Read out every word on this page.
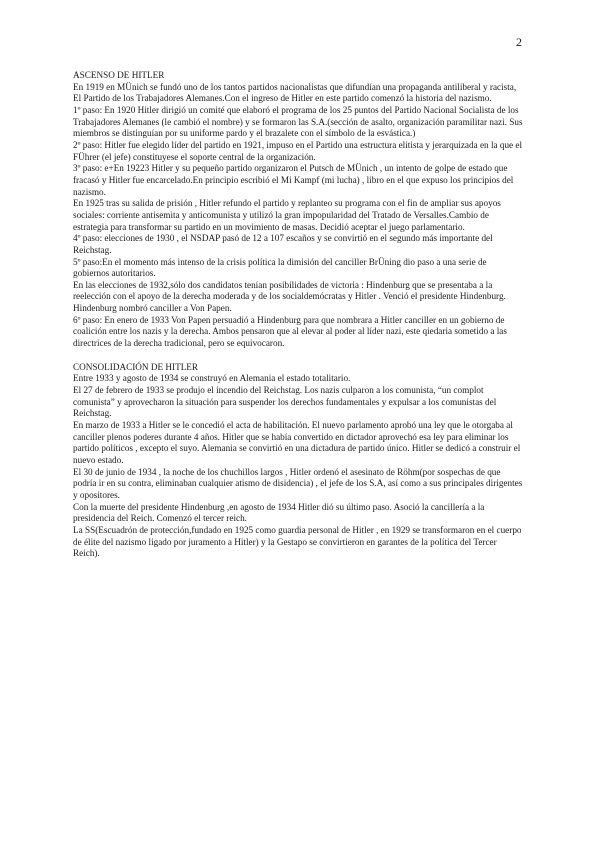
2
ASCENSO DE HITLER

En 1919 en MÜnich se fundó uno de los tantos partidos nacionalistas que difundían una propaganda antiliberal y racista, El Partido de los Trabajadores Alemanes.Con el ingreso de Hitler en este partido comenzó la historia del nazismo.

1º paso: En 1920 Hitler dirigió un comité que elaboró el programa de los 25 puntos del Partido Nacional Socialista de los Trabajadores Alemanes (le cambió el nombre) y se formaron las S.A.(sección de asalto, organización paramilitar nazi. Sus miembros se distinguían por su uniforme pardo y el brazalete con el símbolo de la esvástica.)

2º paso: Hitler fue elegido líder del partido en 1921, impuso en el Partido una estructura elitista y jerarquizada en la que el FÜhrer (el jefe) constituyese el soporte central de la organización.

3º paso: e+En 19223 Hitler y su pequeño partido organizaron el Putsch de MÜnich , un intento de golpe de estado que fracasó y Hitler fue encarcelado.En principio escribió el Mi Kampf (mi lucha) , libro en el que expuso los principios del nazismo.

En 1925 tras su salida de prisión , Hitler refundo el partido y replanteo su programa con el fin de ampliar sus apoyos sociales: corriente antisemita y anticomunista y utilizó la gran impopularidad del Tratado de Versalles.Cambio de estrategia para transformar su partido en un movimiento de masas. Decidió aceptar el juego parlamentario.

4º paso: elecciones de 1930 , el NSDAP pasó de 12 a 107 escaños y se convirtió en el segundo más importante del Reichstag.

5º paso:En el momento más intenso de la crisis política la dimisión del canciller BrÜning dio paso a una serie de gobiernos autoritarios.

En las elecciones de 1932,sólo dos candidatos tenían posibilidades de victoria : Hindenburg que se presentaba a la reelección con el apoyo de la derecha moderada y de los socialdemócratas y Hitler . Venció el presidente Hindenburg.

Hindenburg nombró canciller a Von Papen.

6º paso: En enero de 1933 Von Papen persuadió a Hindenburg para que nombrara a Hitler canciller en un gobierno de coalición entre los nazis y la derecha. Ambos pensaron que al elevar al poder al líder nazi, este qiedaria sometido a las directrices de la derecha tradicional, pero se equivocaron.

CONSOLIDACIÓN DE HITLER

Entre 1933 y agosto de 1934 se construyó en Alemania el estado totalitario.

El 27 de febrero de 1933 se produjo el incendio del Reichstag. Los nazis culparon a los comunista, “un complot comunista” y aprovecharon la situación para suspender los derechos fundamentales y expulsar a los comunistas del Reichstag.

En marzo de 1933 a Hitler se le concedió el acta de habilitación. El nuevo parlamento aprobó una ley que le otorgaba al canciller plenos poderes durante 4 años. Hitler que se había convertido en dictador aprovechó esa ley para eliminar los partido políticos , excepto el suyo. Alemania se convirtió en una dictadura de partido único. Hitler se dedicó a construir el nuevo estado.

El 30 de junio de 1934 , la noche de los chuchillos largos , Hitler ordenó el asesinato de Röhm(por sospechas de que podría ir en su contra, eliminaban cualquier atismo de disidencia) , el jefe de los S.A, así como a sus principales dirigentes y opositores.

Con la muerte del presidente Hindenburg ,en agosto de 1934 Hitler dió su último paso. Asoció la cancillería a la presidencia del Reich. Comenzó el tercer reich.

La SS(Escuadrón de protección,fundado en 1925 como guardia personal de Hitler , en 1929 se transformaron en el cuerpo de élite del nazismo ligado por juramento a Hitler) y la Gestapo se convirtieron en garantes de la política del Tercer Reich).
